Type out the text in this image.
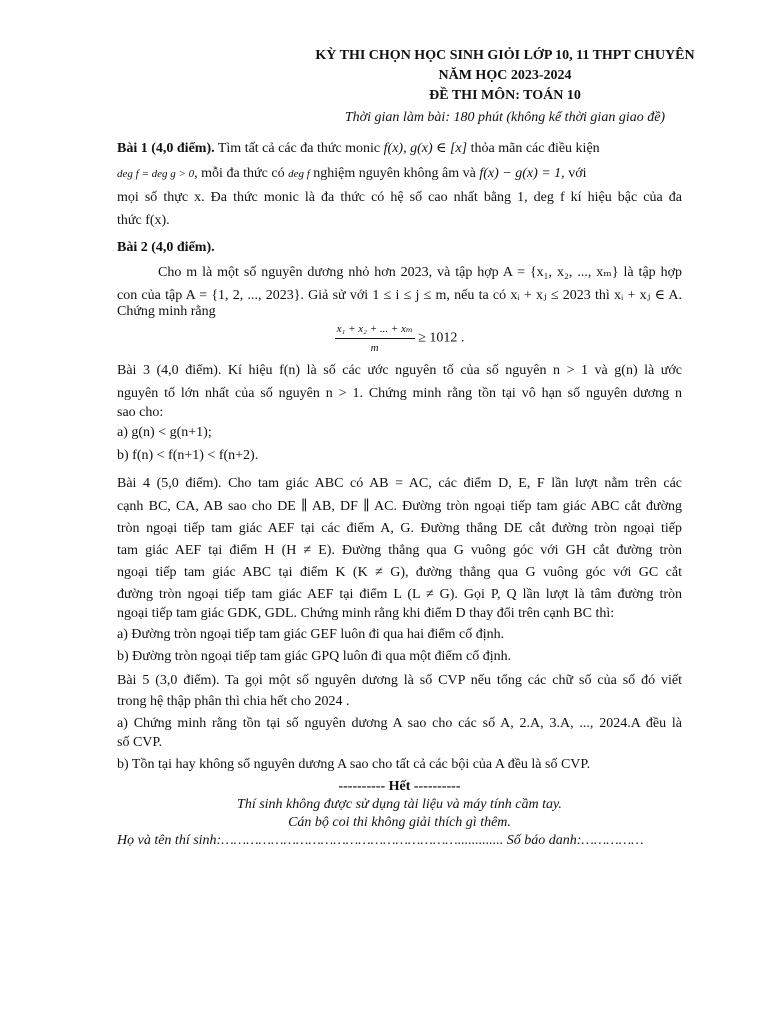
KỲ THI CHỌN HỌC SINH GIỎI LỚP 10, 11 THPT CHUYÊN
NĂM HỌC 2023-2024
ĐỀ THI MÔN: TOÁN 10
Thời gian làm bài: 180 phút (không kể thời gian giao đề)
Bài 1 (4,0 điểm). Tìm tất cả các đa thức monic f(x), g(x) ∈ [x] thỏa mãn các điều kiện
deg f = deg g > 0, mỗi đa thức có deg f nghiệm nguyên không âm và f(x) − g(x) = 1, với
mọi số thực x. Đa thức monic là đa thức có hệ số cao nhất bằng 1, deg f kí hiệu bậc của đa
thức f(x).
Bài 2 (4,0 điểm).
Cho m là một số nguyên dương nhỏ hơn 2023, và tập hợp A = {x₁, x₂, ..., xₘ} là tập hợp
con của tập A = {1, 2, ..., 2023}. Giả sử với 1 ≤ i ≤ j ≤ m, nếu ta có xᵢ + xⱼ ≤ 2023 thì xᵢ + xⱼ ∈ A.
Chứng minh rằng
$\frac{\text{x₁ + x₂ + ... + xₘ}}{m} \ge 1012$ .
Bài 3 (4,0 điểm). Kí hiệu f(n) là số các ước nguyên tố của số nguyên n > 1 và g(n) là ước
nguyên tố lớn nhất của số nguyên n > 1. Chứng minh rằng tồn tại vô hạn số nguyên dương n
sao cho:
a) g(n) < g(n+1);
b) f(n) < f(n+1) < f(n+2).
Bài 4 (5,0 điểm). Cho tam giác ABC có AB = AC, các điểm D, E, F lần lượt nằm trên các
cạnh BC, CA, AB sao cho DE ∥ AB, DF ∥ AC. Đường tròn ngoại tiếp tam giác ABC cắt đường
tròn ngoại tiếp tam giác AEF tại các điểm A, G. Đường thẳng DE cắt đường tròn ngoại tiếp
tam giác AEF tại điểm H (H ≠ E). Đường thẳng qua G vuông góc với GH cắt đường tròn
ngoại tiếp tam giác ABC tại điểm K (K ≠ G), đường thẳng qua G vuông góc với GC cắt
đường tròn ngoại tiếp tam giác AEF tại điểm L (L ≠ G). Gọi P, Q lần lượt là tâm đường tròn
ngoại tiếp tam giác GDK, GDL. Chứng minh rằng khi điểm D thay đổi trên cạnh BC thì:
a) Đường tròn ngoại tiếp tam giác GEF luôn đi qua hai điểm cố định.
b) Đường tròn ngoại tiếp tam giác GPQ luôn đi qua một điểm cố định.
Bài 5 (3,0 điểm). Ta gọi một số nguyên dương là số CVP nếu tổng các chữ số của số đó viết
trong hệ thập phân thì chia hết cho 2024 .
a) Chứng minh rằng tồn tại số nguyên dương A sao cho các số A, 2.A, 3.A, ..., 2024.A đều là
số CVP.
b) Tồn tại hay không số nguyên dương A sao cho tất cả các bội của A đều là số CVP.
---------- Hết ----------
Thí sinh không được sử dụng tài liệu và máy tính cầm tay.
Cán bộ coi thi không giải thích gì thêm.
Họ và tên thí sinh:…………………………………………………............. Số báo danh:……………
